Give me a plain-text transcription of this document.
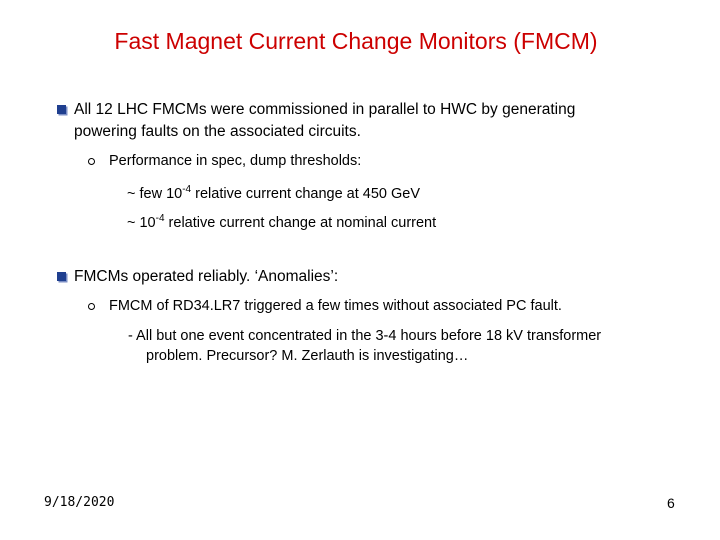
Fast Magnet Current Change Monitors (FMCM)
All 12 LHC FMCMs were commissioned in parallel to HWC by generating
powering faults on the associated circuits.
Performance in spec, dump thresholds:
~ few $10^{-4}$ relative current change at 450 GeV
~ $10^{-4}$ relative current change at nominal current
FMCMs operated reliably. ‘Anomalies’:
FMCM of RD34.LR7 triggered a few times without associated PC fault.
- All but one event concentrated in the 3-4 hours before 18 kV transformer
problem. Precursor? M. Zerlauth is investigating…
9/18/2020	6
